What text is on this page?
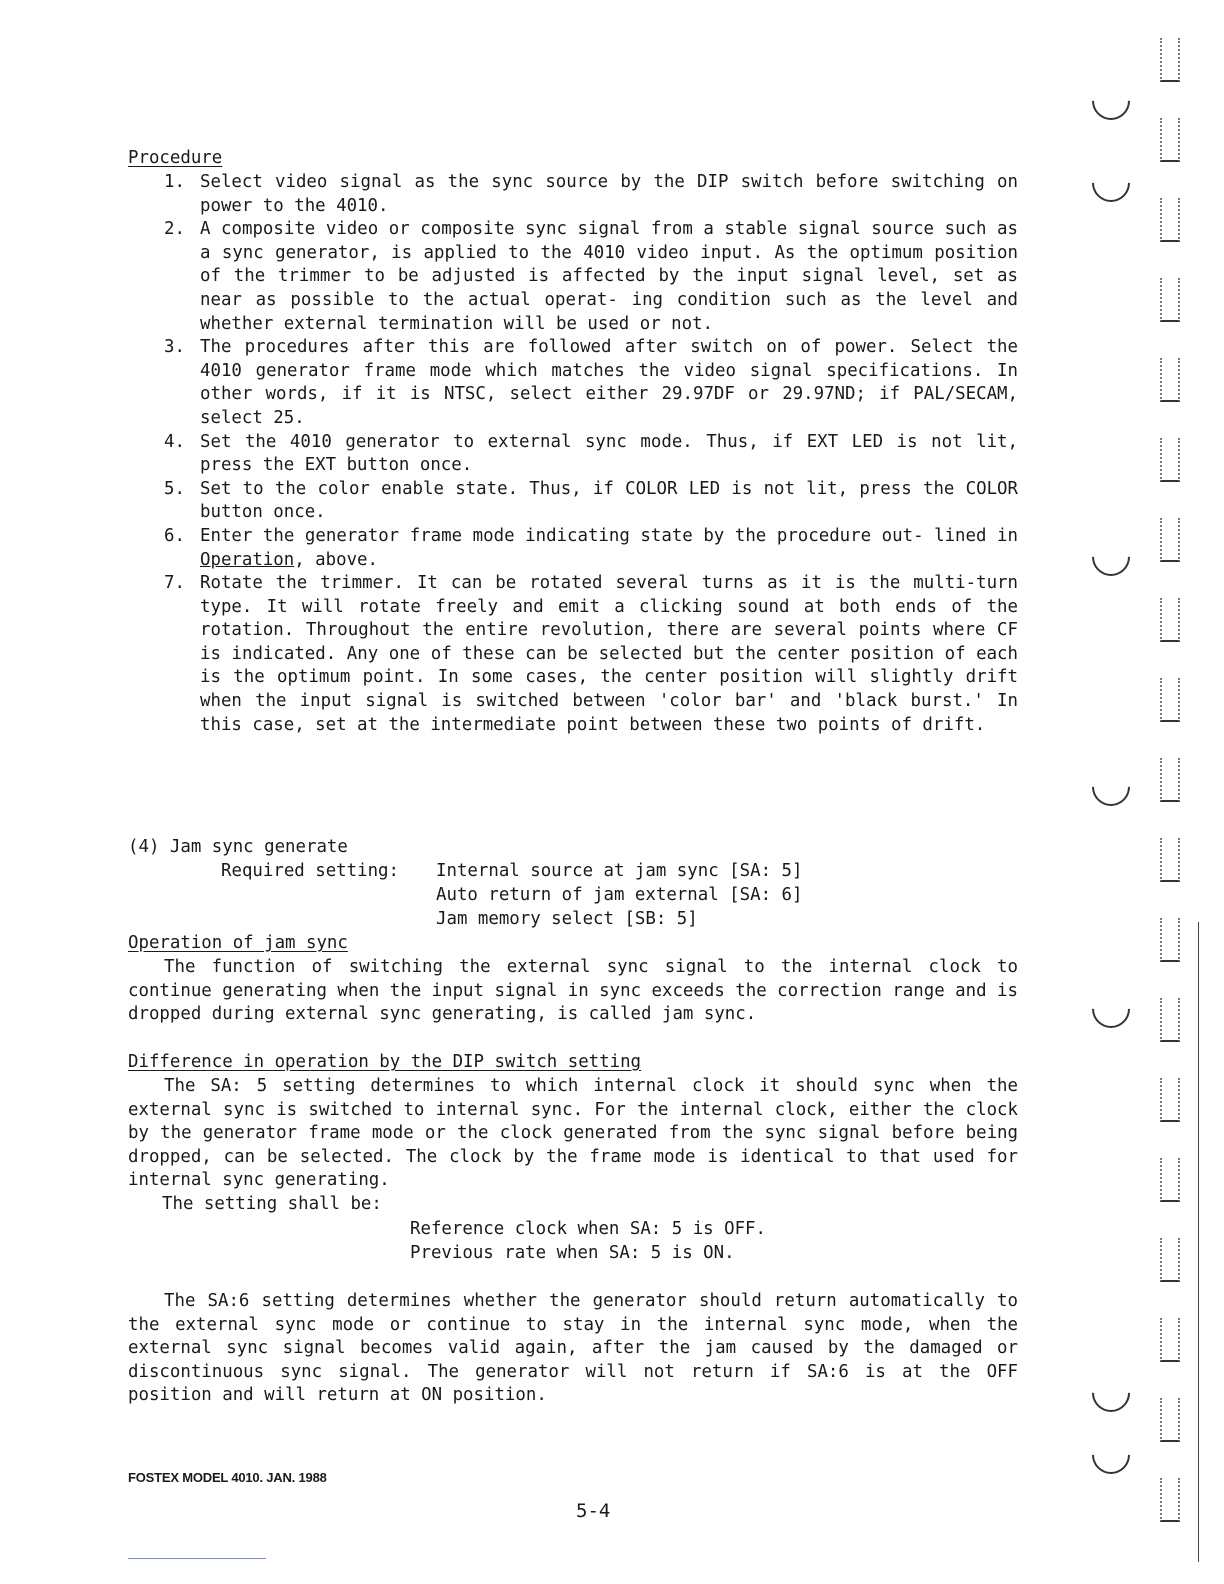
Procedure
1. Select video signal as the sync source by the DIP switch before switching on power to the 4010.
2. A composite video or composite sync signal from a stable signal source such as a sync generator, is applied to the 4010 video input. As the optimum position of the trimmer to be adjusted is affected by the input signal level, set as near as possible to the actual operat- ing condition such as the level and whether external termination will be used or not.
3. The procedures after this are followed after switch on of power. Select the 4010 generator frame mode which matches the video signal specifications. In other words, if it is NTSC, select either 29.97DF or 29.97ND; if PAL/SECAM, select 25.
4. Set the 4010 generator to external sync mode. Thus, if EXT LED is not lit, press the EXT button once.
5. Set to the color enable state. Thus, if COLOR LED is not lit, press the COLOR button once.
6. Enter the generator frame mode indicating state by the procedure out- lined in Operation, above.
7. Rotate the trimmer. It can be rotated several turns as it is the multi-turn type. It will rotate freely and emit a clicking sound at both ends of the rotation. Throughout the entire revolution, there are several points where CF is indicated. Any one of these can be selected but the center position of each is the optimum point. In some cases, the center position will slightly drift when the input signal is switched between 'color bar' and 'black burst.' In this case, set at the intermediate point between these two points of drift.
(4) Jam sync generate
Required setting: Internal source at jam sync [SA: 5]
Auto return of jam external [SA: 6]
Jam memory select [SB: 5]
Operation of jam sync
The function of switching the external sync signal to the internal clock to continue generating when the input signal in sync exceeds the correction range and is dropped during external sync generating, is called jam sync.
Difference in operation by the DIP switch setting
The SA: 5 setting determines to which internal clock it should sync when the external sync is switched to internal sync. For the internal clock, either the clock by the generator frame mode or the clock generated from the sync signal before being dropped, can be selected. The clock by the frame mode is identical to that used for internal sync generating.
The setting shall be:
Reference clock when SA: 5 is OFF.
Previous rate when SA: 5 is ON.
The SA:6 setting determines whether the generator should return automatically to the external sync mode or continue to stay in the internal sync mode, when the external sync signal becomes valid again, after the jam caused by the damaged or discontinuous sync signal. The generator will not return if SA:6 is at the OFF position and will return at ON position.
FOSTEX MODEL 4010. JAN. 1988
5-4
